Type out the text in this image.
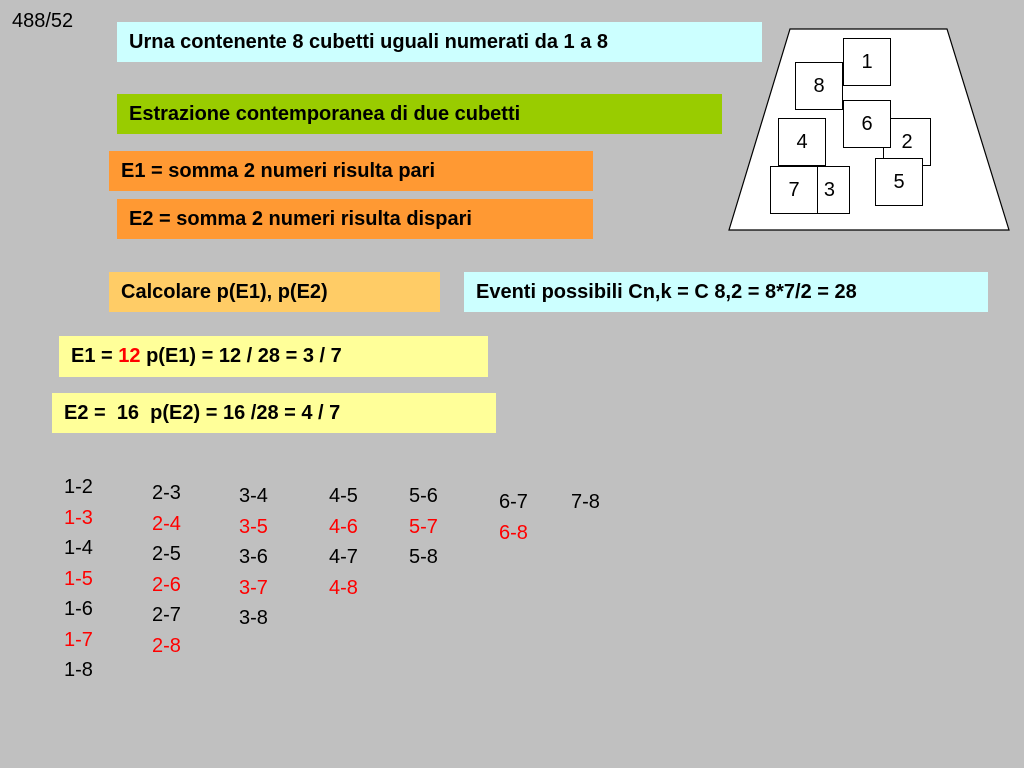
488/52
Urna contenente 8 cubetti uguali numerati da 1 a 8
Estrazione contemporanea di due cubetti
E1 = somma 2 numeri risulta pari
E2 = somma 2 numeri risulta dispari
Calcolare p(E1), p(E2)	Eventi possibili Cn,k = C 8,2 = 8*7/2 = 28
E1 = 12 p(E1) = 12 / 28 = 3 / 7
E2 =  16  p(E2) = 16 /28 = 4 / 7
1
8
2
6
4
5
3
7
1-2
1-3
1-4
1-5
1-6
1-7
1-8
2-3
2-4
2-5
2-6
2-7
2-8
3-4
3-5
3-6
3-7
3-8
4-5
4-6
4-7
4-8
5-6
5-7
5-8
6-7
6-8
7-8
